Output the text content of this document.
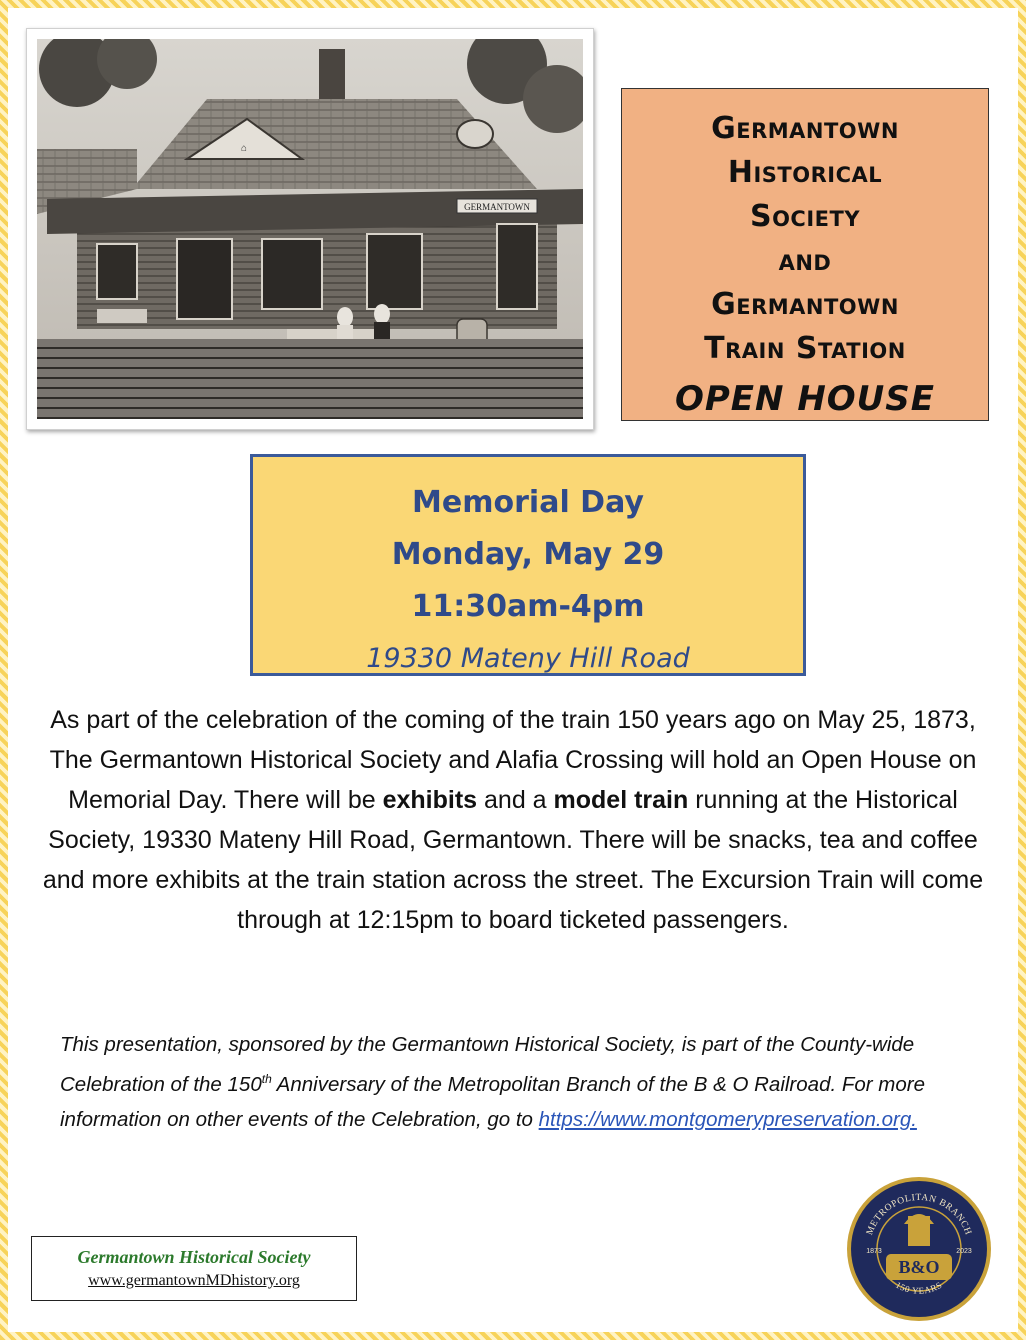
⌂
GERMANTOWN
Germantown
Historical
Society
and
Germantown
Train Station
OPEN HOUSE
Memorial Day
Monday, May 29
11:30am-4pm
19330 Mateny Hill Road
As part of the celebration of the coming of the train 150 years ago on May 25, 1873, The Germantown Historical Society and Alafia Crossing will hold an Open House on Memorial Day. There will be exhibits and a model train running at the Historical Society, 19330 Mateny Hill Road, Germantown. There will be snacks, tea and coffee and more exhibits at the train station across the street. The Excursion Train will come through at 12:15pm to board ticketed passengers.
This presentation, sponsored by the Germantown Historical Society, is part of the County-wide Celebration of the 150th Anniversary of the Metropolitan Branch of the B & O Railroad. For more information on other events of the Celebration, go to https://www.montgomerypreservation.org.
Germantown Historical Society
www.germantownMDhistory.org
METROPOLITAN BRANCH
150 YEARS
B&O
1873	2023
